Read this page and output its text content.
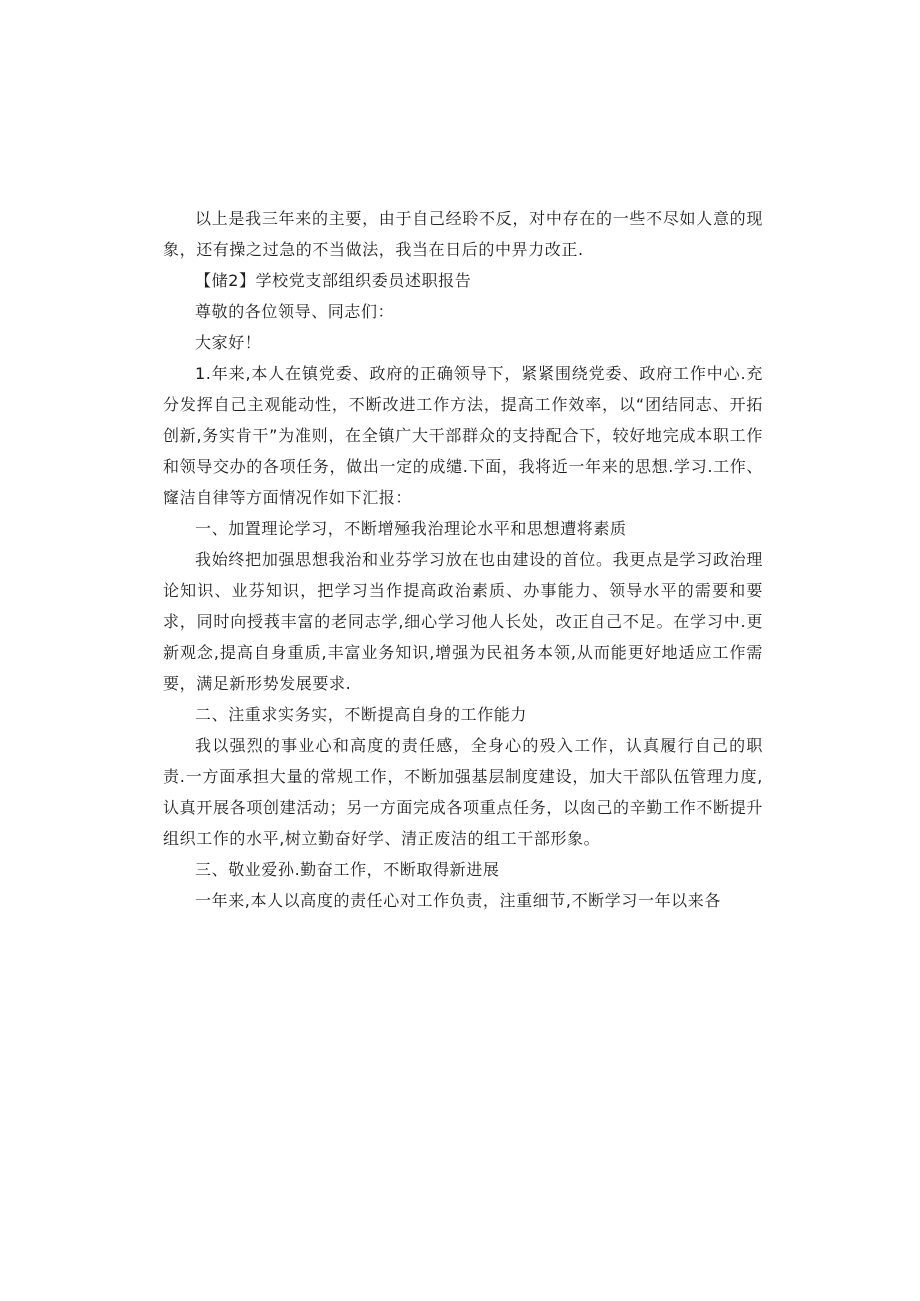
以上是我三年来的主要，由于自己经聆不反，对中存在的一些不尽如人意的现象，还有操之过急的不当做法，我当在日后的中畀力改正.

【储2】学校党支部组织委员述职报告

尊敬的各位领导、同志们：

大家好！

1.年来,本人在镇党委、政府的正确领导下，紧紧围绕党委、政府工作中心.充分发挥自己主观能动性，不断改进工作方法，提高工作效率，以“团结同志、开拓创新,务实肯干”为准则，在全镇广大干部群众的支持配合下，较好地完成本职工作和领导交办的各项任务，做出一定的成缱.下面，我将近一年来的思想.学习.工作、窿洁自律等方面情况作如下汇报：

一、加置理论学习，不断增殛我治理论水平和思想遭将素质

我始终把加强思想我治和业芬学习放在也由建设的首位。我更点是学习政治理论知识、业芬知识，把学习当作提高政治素质、办事能力、领导水平的需要和要求，同时向授莪丰富的老同志学,细心学习他人长处，改正自己不足。在学习中.更新观念,提高自身重质,丰富业务知识,增强为民祖务本领,从而能更好地适应工作需要，满足新形势发展要求.

二、注重求实务实，不断提高自身的工作能力

我以强烈的事业心和高度的责任感，全身心的殁入工作，认真履行自己的职责.一方面承担大量的常规工作，不断加强基层制度建设，加大干部队伍管理力度,认真开展各项创建活动；另一方面完成各项重点任务，以囱己的辛勤工作不断提升组织工作的水平,树立勤奋好学、清正废洁的组工干部形象。

三、敬业爱孙.勤奋工作，不断取得新进展

一年来,本人以高度的责任心对工作负责，注重细节,不断学习一年以来各
